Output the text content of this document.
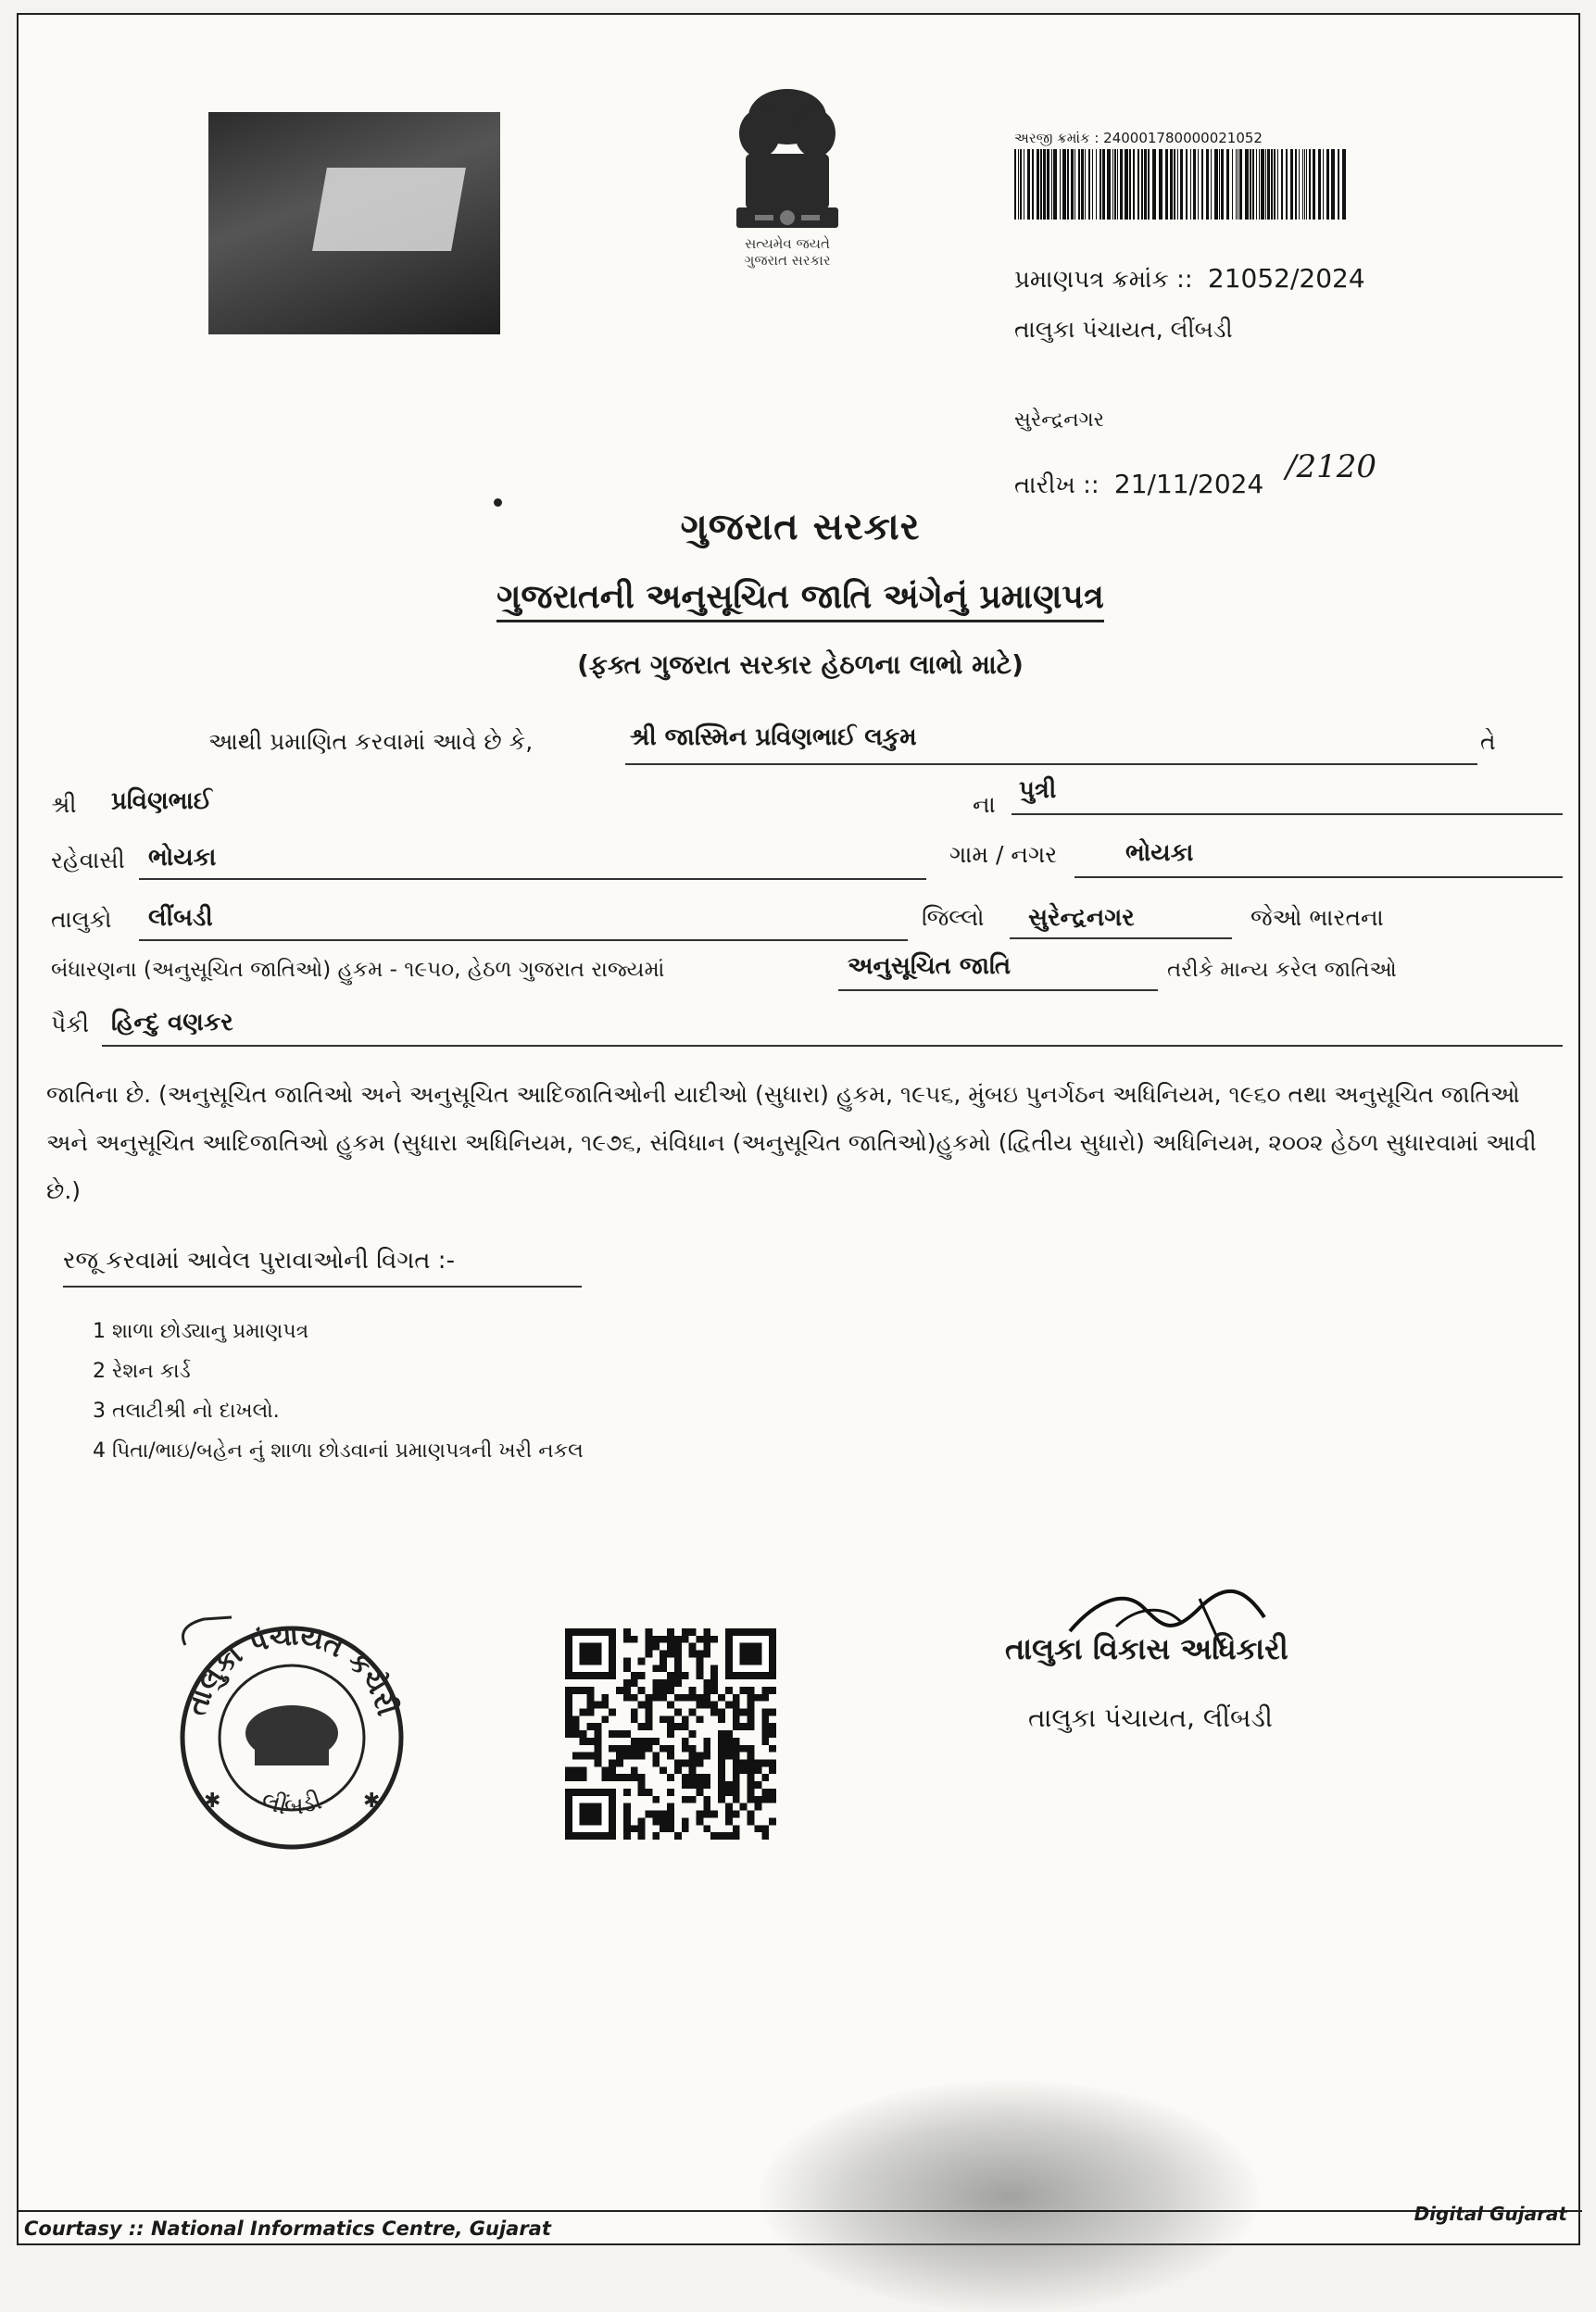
સત્યમેવ જયતે
ગુજરાત સરકાર
અરજી ક્રમાંક : 240001780000021052
પ્રમાણપત્ર ક્રમાંક :: 21052/2024
તાલુકા પંચાયત, લીંબડી
સુરેન્દ્રનગર
તારીખ :: 21/11/2024 /2120
ગુજરાત સરકાર
ગુજરાતની અનુસૂચિત જાતિ અંગેનું પ્રમાણપત્ર
(ફક્ત ગુજરાત સરકાર હેઠળના લાભો માટે)
આથી પ્રમાણિત કરવામાં આવે છે કે,	શ્રી જાસ્મિન પ્રવિણભાઈ લકુમ	તે
શ્રી પ્રવિણભાઈ	ના
પુત્રી
રહેવાસી ભોયકા	ગામ / નગર	ભોયકા
તાલુકો લીંબડી	જિલ્લો સુરેન્દ્રનગર	જેઓ ભારતના
બંધારણના (અનુસૂચિત જાતિઓ) હુકમ - ૧૯૫૦, હેઠળ ગુજરાત રાજ્યમાં	અનુસૂચિત જાતિ	તરીકે માન્ય કરેલ જાતિઓ
પૈકી હિન્દુ વણકર
જાતિના છે. (અનુસૂચિત જાતિઓ અને અનુસૂચિત આદિજાતિઓની યાદીઓ (સુધારા) હુકમ, ૧૯૫૬, મુંબઇ પુનર્ગઠન અધિનિયમ, ૧૯૬૦ તથા અનુસૂચિત જાતિઓ અને અનુસૂચિત આદિજાતિઓ હુકમ (સુધારા અધિનિયમ, ૧૯૭૬, સંવિધાન (અનુસૂચિત જાતિઓ)હુકમો (દ્વિતીય સુધારો) અધિનિયમ, ૨૦૦૨ હેઠળ સુધારવામાં આવી છે.)
રજૂ કરવામાં આવેલ પુરાવાઓની વિગત :-
1 શાળા છોડ્યાનુ પ્રમાણપત્ર
2 રેશન કાર્ડ
3 તલાટીશ્રી નો દાખલો.
4 પિતા/ભાઇ/બહેન નું શાળા છોડવાનાં પ્રમાણપત્રની ખરી નકલ
તાલુકા પંચાયત કચેરી
લીંબડી
✱	✱
તાલુકા વિકાસ અધિકારી
તાલુકા પંચાયત, લીંબડી
Courtasy :: National Informatics Centre, Gujarat
Digital Gujarat
